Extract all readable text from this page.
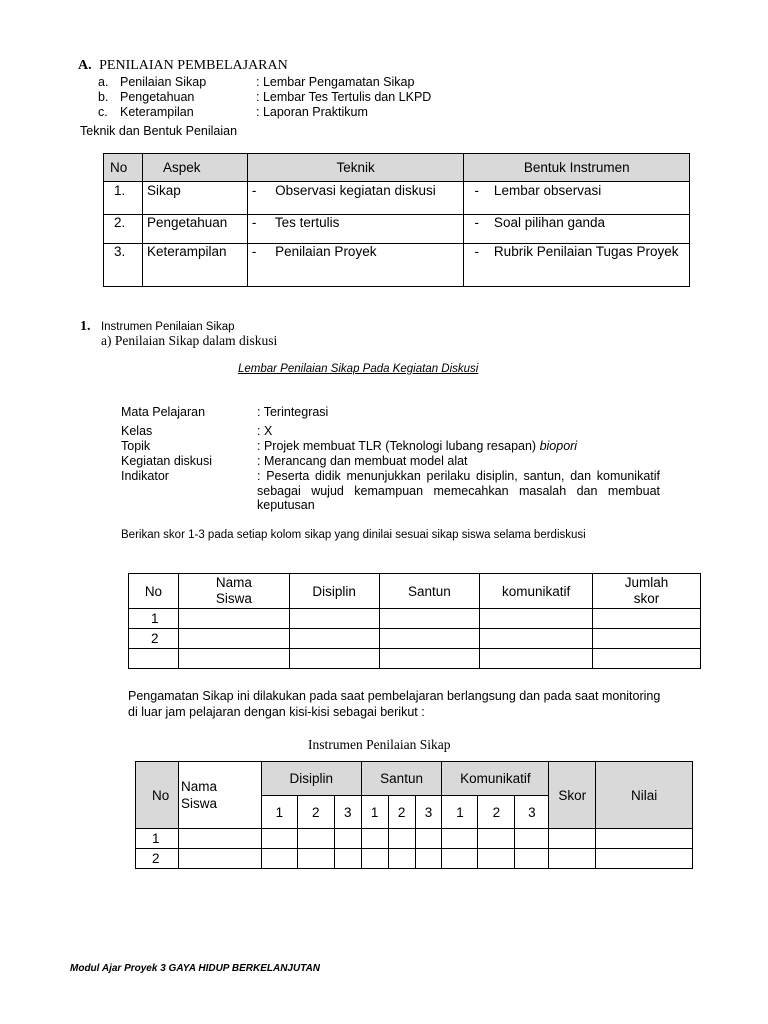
A. PENILAIAN PEMBELAJARAN
a. Penilaian Sikap	: Lembar Pengamatan Sikap
b. Pengetahuan	: Lembar Tes Tertulis dan LKPD
c. Keterampilan	: Laporan Praktikum
Teknik dan Bentuk Penilaian
No	Aspek	Teknik	Bentuk Instrumen
1.	Sikap	-     Observasi kegiatan diskusi	-    Lembar observasi
2.	Pengetahuan	-     Tes tertulis	-    Soal pilihan ganda
3.	Keterampilan	-     Penilaian Proyek	-    Rubrik Penilaian Tugas Proyek
1. Instrumen Penilaian Sikap
a) Penilaian Sikap dalam diskusi
Lembar Penilaian Sikap Pada Kegiatan Diskusi
Mata Pelajaran	: Terintegrasi
Kelas	: X
Topik	: Projek membuat TLR (Teknologi lubang resapan) biopori
Kegiatan diskusi	: Merancang dan membuat model alat
Indikator	: Peserta didik menunjukkan perilaku disiplin, santun, dan komunikatif sebagai wujud kemampuan memecahkan masalah dan membuat keputusan
Berikan skor 1-3 pada setiap kolom sikap yang dinilai sesuai sikap siswa selama berdiskusi
No	Nama Siswa	Disiplin	Santun	komunikatif	Jumlah skor
1					
2					

Pengamatan Sikap ini dilakukan pada saat pembelajaran berlangsung dan pada saat monitoring di luar jam pelajaran dengan kisi-kisi sebagai berikut :
Instrumen Penilaian Sikap
No	Nama Siswa	Disiplin			Santun			Komunikatif			Skor	Nilai
		1	2	3	1	2	3	1	2	3		
1												
2												
Modul Ajar Proyek 3 GAYA HIDUP BERKELANJUTAN
